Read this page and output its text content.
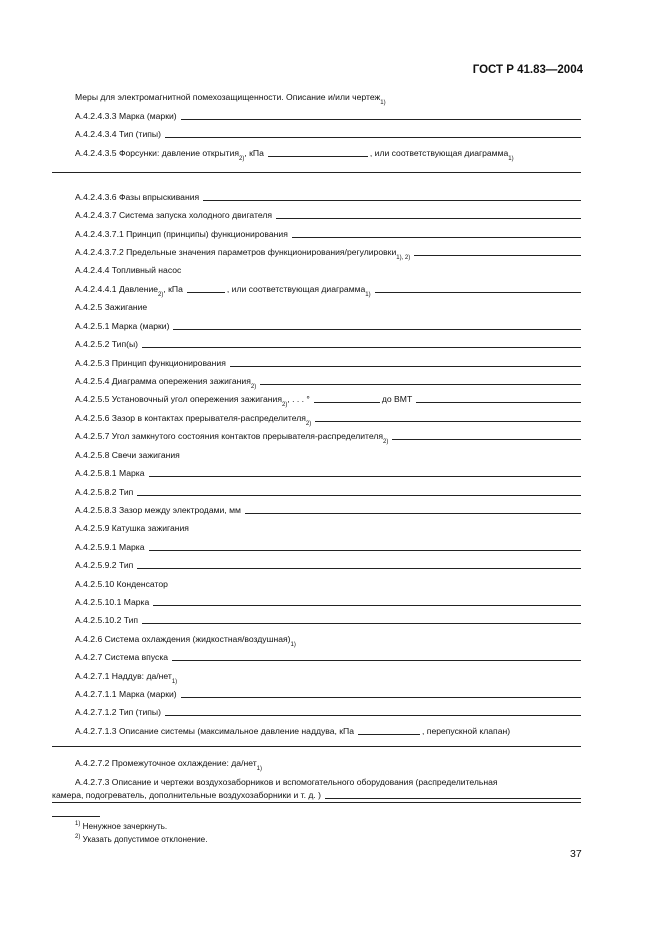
ГОСТ Р 41.83—2004
Меры для электромагнитной помехозащищенности. Описание и/или чертеж
1)
А.4.2.4.3.3 Марка (марки)
А.4.2.4.3.4 Тип (типы)
А.4.2.4.3.5 Форсунки: давление открытия
2)
, кПа	, или соответствующая диаграмма
1)
А.4.2.4.3.6 Фазы впрыскивания
А.4.2.4.3.7 Система запуска холодного двигателя
А.4.2.4.3.7.1 Принцип (принципы) функционирования
А.4.2.4.3.7.2 Предельные значения параметров функционирования/регулировки
1), 2)
А.4.2.4.4 Топливный насос
А.4.2.4.4.1 Давление
2)
, кПа	, или соответствующая диаграмма
1)
А.4.2.5 Зажигание
А.4.2.5.1 Марка (марки)
А.4.2.5.2 Тип(ы)
А.4.2.5.3 Принцип функционирования
А.4.2.5.4 Диаграмма опережения зажигания
2)
А.4.2.5.5 Установочный угол опережения зажигания
2)
, . . . °	до ВМТ
А.4.2.5.6 Зазор в контактах прерывателя-распределителя
2)
А.4.2.5.7 Угол замкнутого состояния контактов прерывателя-распределителя
2)
А.4.2.5.8 Свечи зажигания
А.4.2.5.8.1 Марка
А.4.2.5.8.2 Тип
А.4.2.5.8.3 Зазор между электродами, мм
А.4.2.5.9 Катушка зажигания
А.4.2.5.9.1 Марка
А.4.2.5.9.2 Тип
А.4.2.5.10 Конденсатор
А.4.2.5.10.1 Марка
А.4.2.5.10.2 Тип
А.4.2.6 Система охлаждения (жидкостная/воздушная)
1)
А.4.2.7 Система впуска
А.4.2.7.1 Наддув: да/нет
1)
А.4.2.7.1.1 Марка (марки)
А.4.2.7.1.2 Тип (типы)
А.4.2.7.1.3 Описание системы (максимальное давление наддува, кПа	, перепускной клапан)
А.4.2.7.2 Промежуточное охлаждение: да/нет
1)
А.4.2.7.3 Описание и чертежи воздухозаборников и вспомогательного оборудования (распределительная
камера, подогреватель, дополнительные воздухозаборники и т. д. )
$^{1)}$ Ненужное зачеркнуть.
$^{2)}$ Указать допустимое отклонение.
37
